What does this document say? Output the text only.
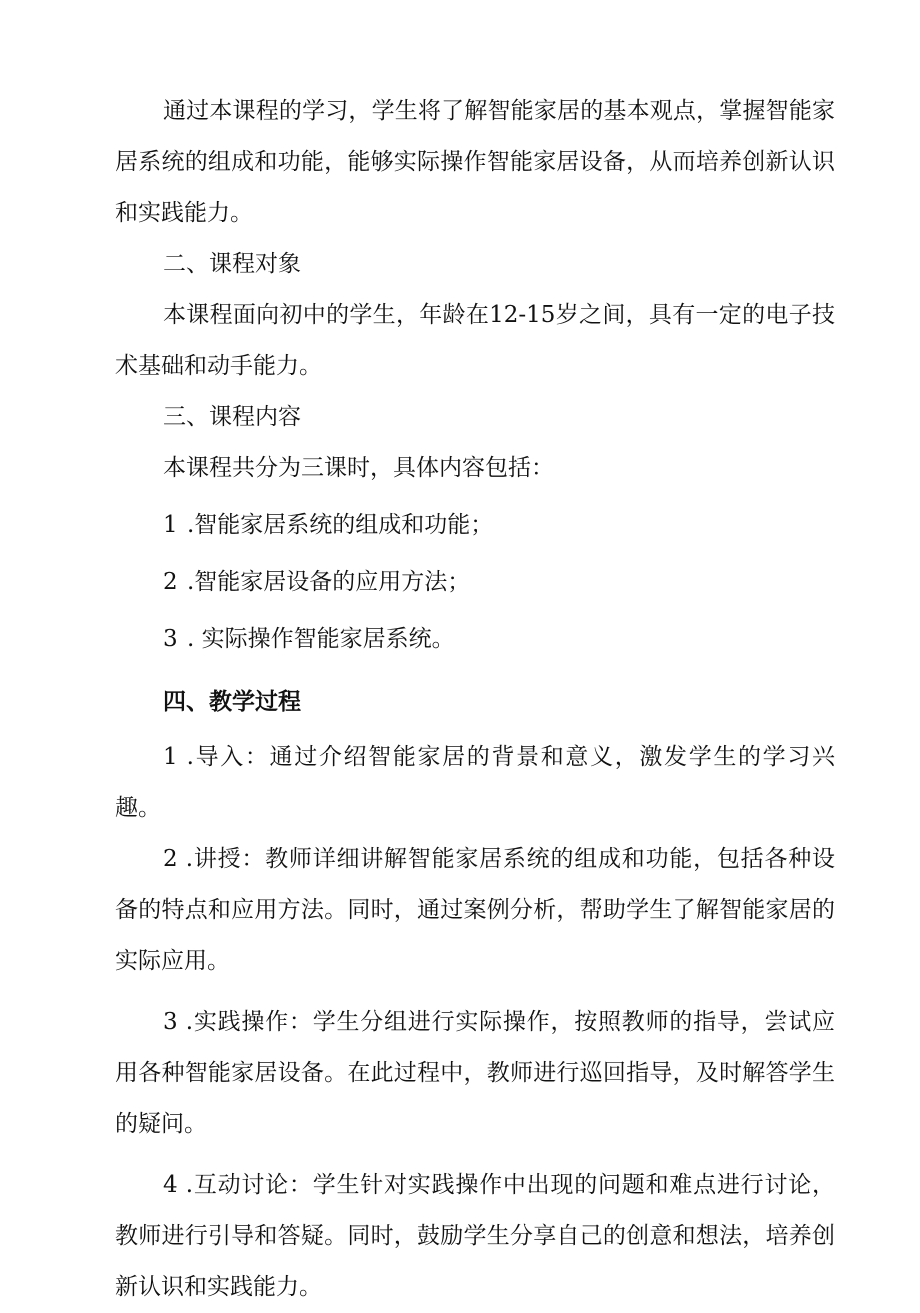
通过本课程的学习，学生将了解智能家居的基本观点，掌握智能家居系统的组成和功能，能够实际操作智能家居设备，从而培养创新认识和实践能力。

二、课程对象

本课程面向初中的学生，年龄在12-15岁之间，具有一定的电子技术基础和动手能力。

三、课程内容

本课程共分为三课时，具体内容包括：

1 .智能家居系统的组成和功能；

2 .智能家居设备的应用方法；

3 . 实际操作智能家居系统。

四、教学过程

1 .导入：通过介绍智能家居的背景和意义，激发学生的学习兴趣。

2 .讲授：教师详细讲解智能家居系统的组成和功能，包括各种设备的特点和应用方法。同时，通过案例分析，帮助学生了解智能家居的实际应用。

3 .实践操作：学生分组进行实际操作，按照教师的指导，尝试应用各种智能家居设备。在此过程中，教师进行巡回指导，及时解答学生的疑问。

4 .互动讨论：学生针对实践操作中出现的问题和难点进行讨论，教师进行引导和答疑。同时，鼓励学生分享自己的创意和想法，培养创新认识和实践能力。
